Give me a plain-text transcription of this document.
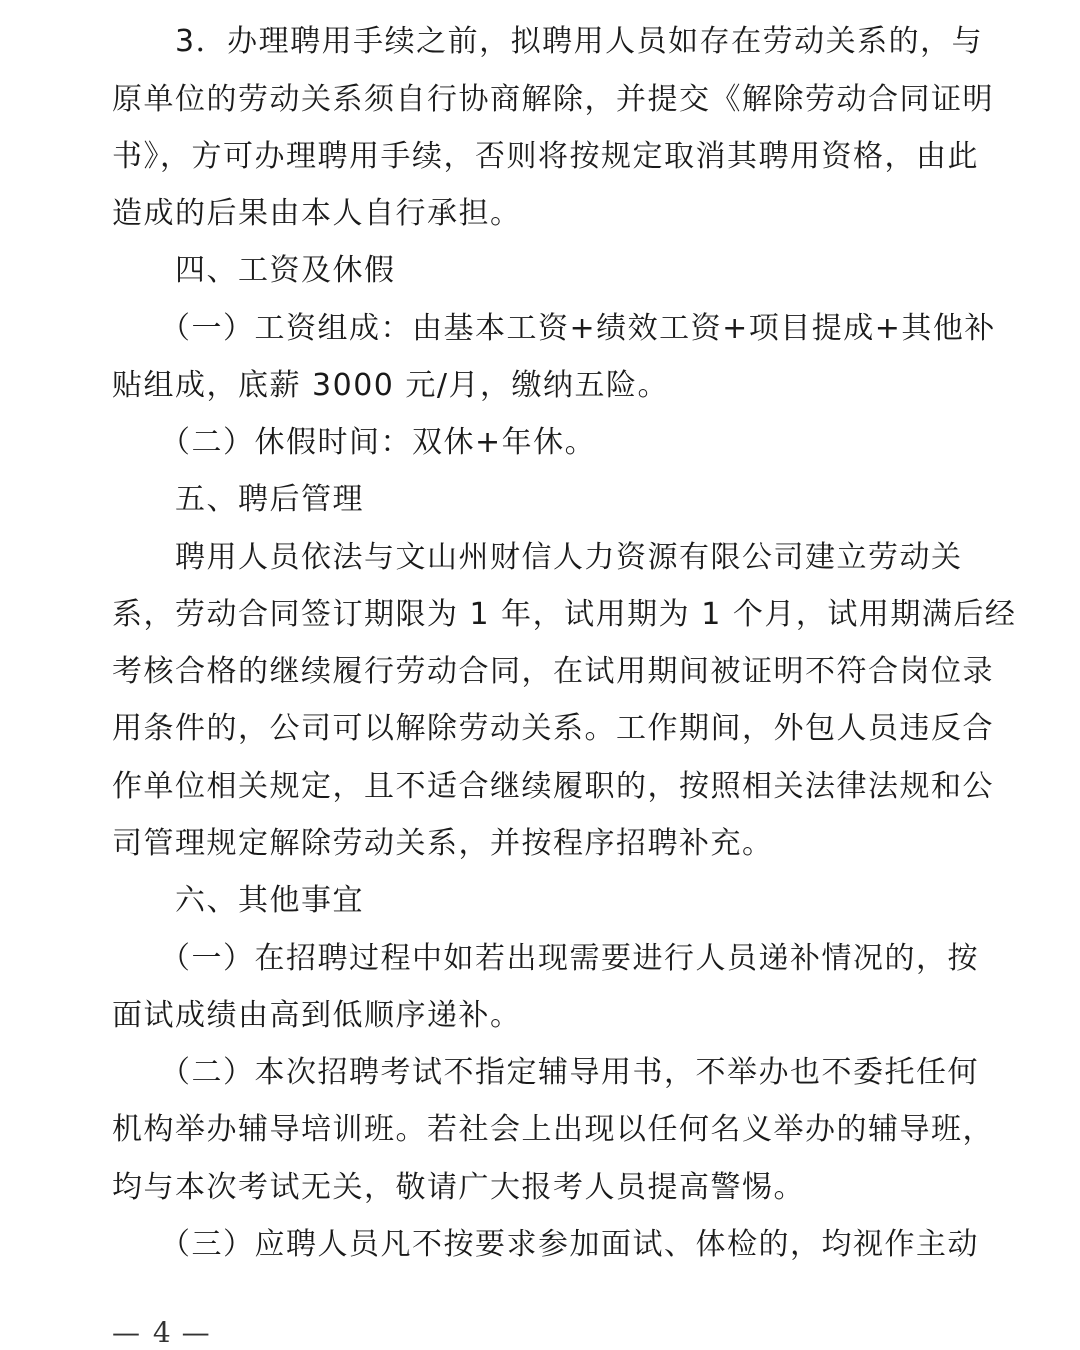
　　3．办理聘用手续之前，拟聘用人员如存在劳动关系的，与
原单位的劳动关系须自行协商解除，并提交《解除劳动合同证明
书》，方可办理聘用手续，否则将按规定取消其聘用资格，由此
造成的后果由本人自行承担。
　　四、工资及休假
　　（一）工资组成：由基本工资+绩效工资+项目提成+其他补
贴组成，底薪 3000 元/月，缴纳五险。
　　（二）休假时间：双休+年休。
　　五、聘后管理
　　聘用人员依法与文山州财信人力资源有限公司建立劳动关
系，劳动合同签订期限为 1 年，试用期为 1 个月，试用期满后经
考核合格的继续履行劳动合同，在试用期间被证明不符合岗位录
用条件的，公司可以解除劳动关系。工作期间，外包人员违反合
作单位相关规定，且不适合继续履职的，按照相关法律法规和公
司管理规定解除劳动关系，并按程序招聘补充。
　　六、其他事宜
　　（一）在招聘过程中如若出现需要进行人员递补情况的，按
面试成绩由高到低顺序递补。
　　（二）本次招聘考试不指定辅导用书，不举办也不委托任何
机构举办辅导培训班。若社会上出现以任何名义举办的辅导班，
均与本次考试无关，敬请广大报考人员提高警惕。
　　（三）应聘人员凡不按要求参加面试、体检的，均视作主动
— 4 —
